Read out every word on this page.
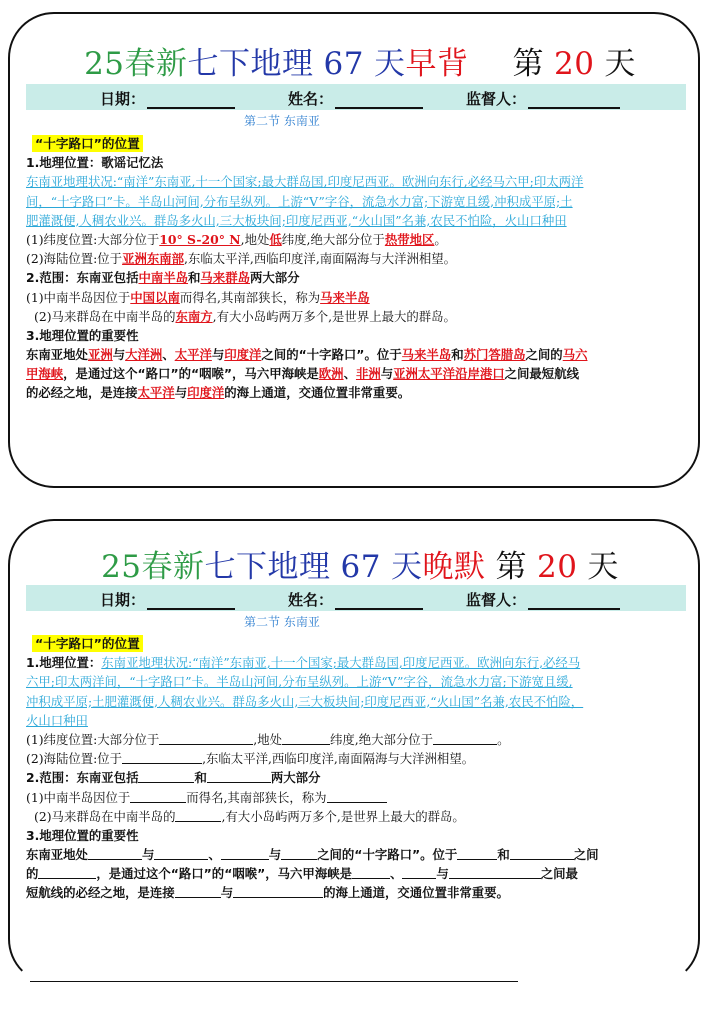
25春新七下地理 67 天早背 第 20 天
日期：	姓名：	监督人：
第二节 东南亚
“十字路口”的位置
1.地理位置：歌谣记忆法
东南亚地理状况:“南洋”东南亚,十一个国家;最大群岛国,印度尼西亚。欧洲向东行,必经马六甲;印太两洋
间，“十字路口”卡。半岛山河间,分布呈纵列。上游“V”字谷，流急水力富;下游宽且缓,冲积成平原;土
肥灌溉便,人稠农业兴。群岛多火山,三大板块间;印度尼西亚,“火山国”名兼,农民不怕险，火山口种田
(1)纬度位置:大部分位于10° S-20° N,地处低纬度,绝大部分位于热带地区。
(2)海陆位置:位于亚洲东南部,东临太平洋,西临印度洋,南面隔海与大洋洲相望。
2.范围：东南亚包括中南半岛和马来群岛两大部分
(1)中南半岛因位于中国以南而得名,其南部狭长，称为马来半岛
(2)马来群岛在中南半岛的东南方,有大小岛屿两万多个,是世界上最大的群岛。
3.地理位置的重要性
东南亚地处亚洲与大洋洲、太平洋与印度洋之间的“十字路口”。位于马来半岛和苏门答腊岛之间的马六
甲海峡，是通过这个“路口”的“咽喉”，马六甲海峡是欧洲、非洲与亚洲太平洋沿岸港口之间最短航线
的必经之地，是连接太平洋与印度洋的海上通道，交通位置非常重要。
25春新七下地理 67 天晚默 第 20 天
日期：	姓名：	监督人：
第二节 东南亚
“十字路口”的位置
1.地理位置：东南亚地理状况:“南洋”东南亚,十一个国家;最大群岛国,印度尼西亚。欧洲向东行,必经马
六甲;印太两洋间，“十字路口”卡。半岛山河间,分布呈纵列。上游“V”字谷，流急水力富;下游宽且缓,
冲积成平原;土肥灌溉便,人稠农业兴。群岛多火山,三大板块间;印度尼西亚,“火山国”名兼,农民不怕险，
火山口种田
(1)纬度位置:大部分位于	,地处	纬度,绝大部分位于	。
(2)海陆位置:位于	,东临太平洋,西临印度洋,南面隔海与大洋洲相望。
2.范围：东南亚包括	和	两大部分
(1)中南半岛因位于	而得名,其南部狭长，称为
(2)马来群岛在中南半岛的	,有大小岛屿两万多个,是世界上最大的群岛。
3.地理位置的重要性
东南亚地处	与	、	与	之间的“十字路口”。位于	和	之间
的	，是通过这个“路口”的“咽喉”，马六甲海峡是	、	与	之间最
短航线的必经之地，是连接	与	的海上通道，交通位置非常重要。
